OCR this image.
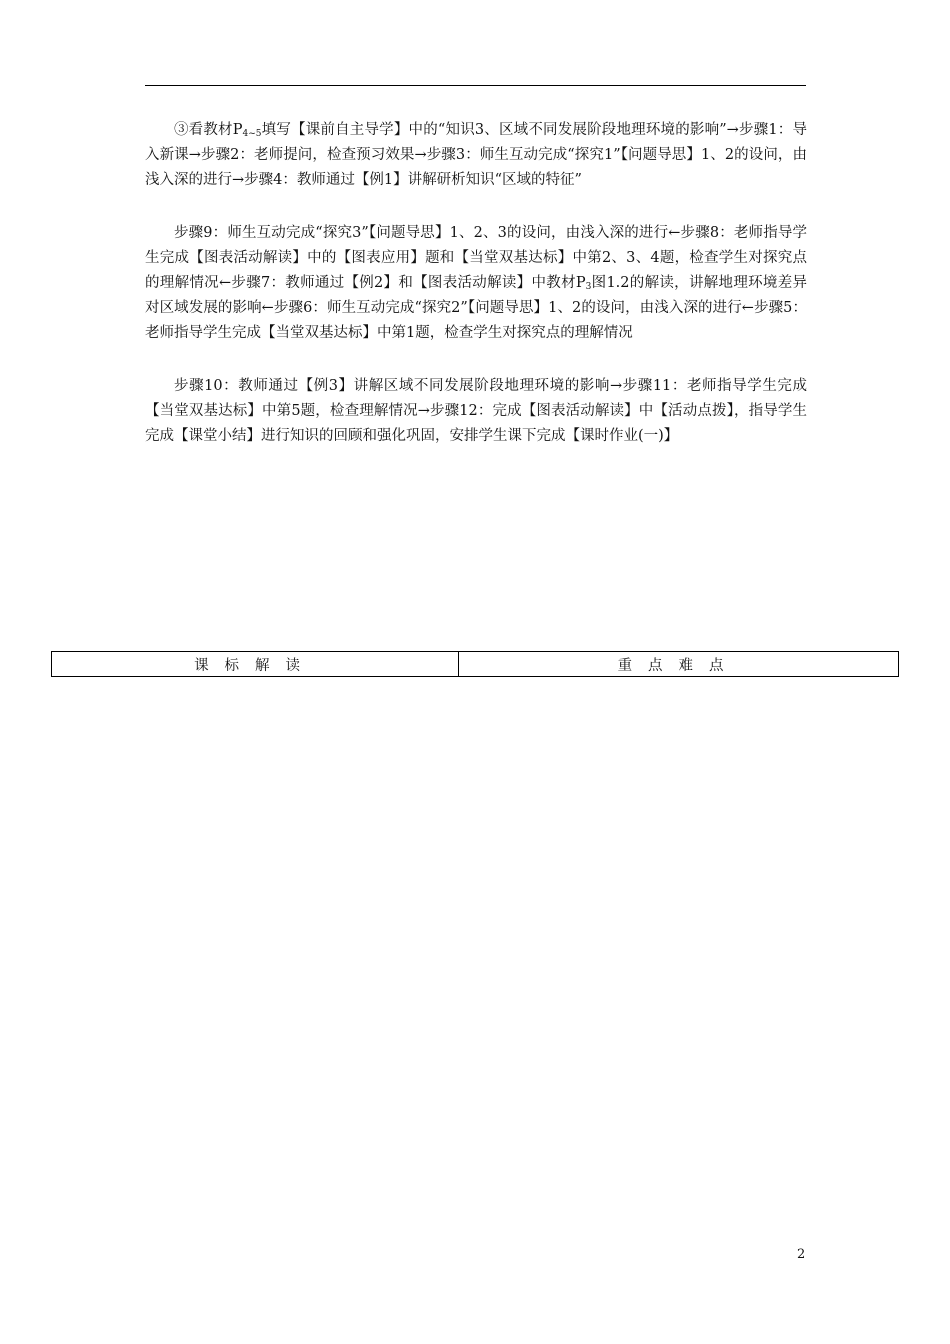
③看教材$P_{4\sim 5}$填写【课前自主导学】中的“知识3、区域不同发展阶段地理环境的影响”→步骤1：导入新课→步骤2：老师提问，检查预习效果→步骤3：师生互动完成“探究1”【问题导思】1、2的设问，由浅入深的进行→步骤4：教师通过【例1】讲解研析知识“区域的特征”

步骤9：师生互动完成“探究3”【问题导思】1、2、3的设问，由浅入深的进行←步骤8：老师指导学生完成【图表活动解读】中的【图表应用】题和【当堂双基达标】中第2、3、4题，检查学生对探究点的理解情况←步骤7：教师通过【例2】和【图表活动解读】中教材$P_3$图1.2的解读，讲解地理环境差异对区域发展的影响←步骤6：师生互动完成“探究2”【问题导思】1、2的设问，由浅入深的进行←步骤5：老师指导学生完成【当堂双基达标】中第1题，检查学生对探究点的理解情况

步骤10：教师通过【例3】讲解区域不同发展阶段地理环境的影响→步骤11：老师指导学生完成【当堂双基达标】中第5题，检查理解情况→步骤12：完成【图表活动解读】中【活动点拨】，指导学生完成【课堂小结】进行知识的回顾和强化巩固，安排学生课下完成【课时作业(一)】

课标解读	重点难点
2
